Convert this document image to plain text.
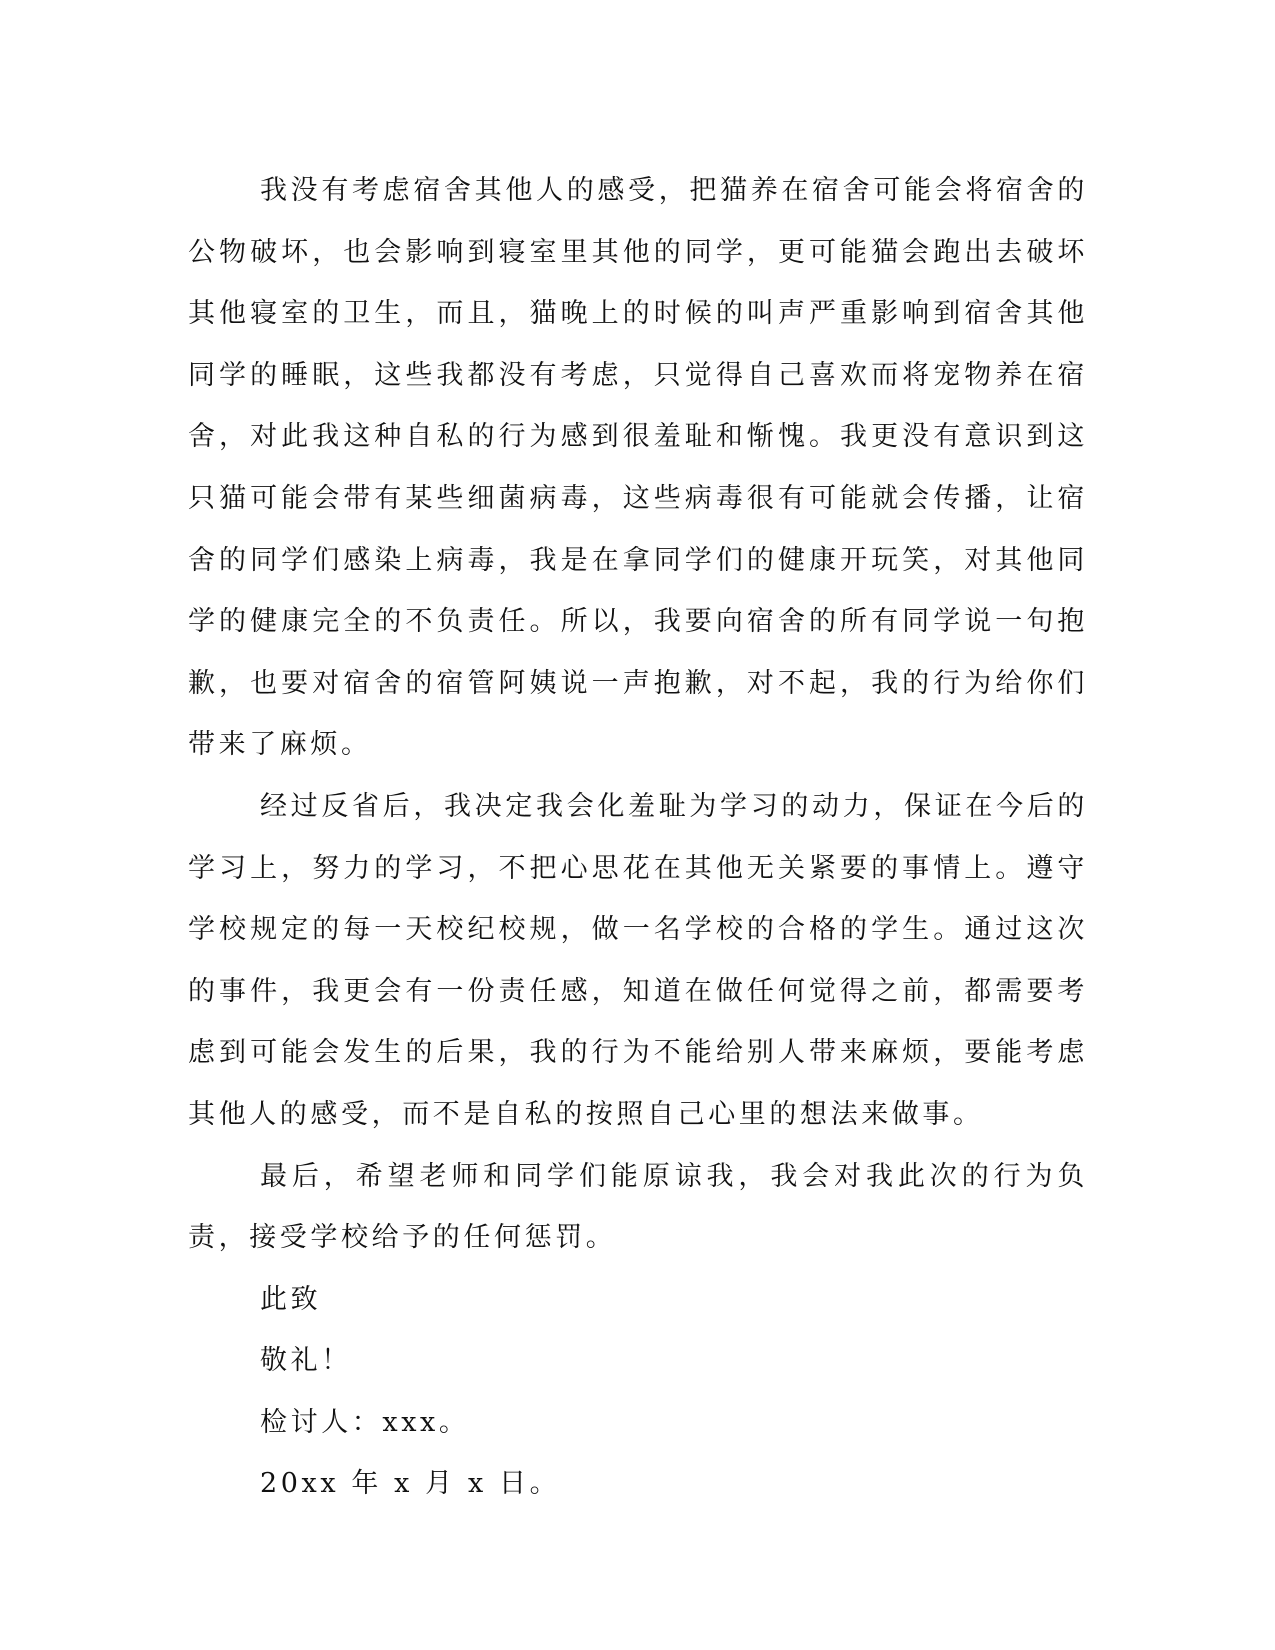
我没有考虑宿舍其他人的感受，把猫养在宿舍可能会将宿舍的公物破坏，也会影响到寝室里其他的同学，更可能猫会跑出去破坏其他寝室的卫生，而且，猫晚上的时候的叫声严重影响到宿舍其他同学的睡眠，这些我都没有考虑，只觉得自己喜欢而将宠物养在宿舍，对此我这种自私的行为感到很羞耻和惭愧。我更没有意识到这只猫可能会带有某些细菌病毒，这些病毒很有可能就会传播，让宿舍的同学们感染上病毒，我是在拿同学们的健康开玩笑，对其他同学的健康完全的不负责任。所以，我要向宿舍的所有同学说一句抱歉，也要对宿舍的宿管阿姨说一声抱歉，对不起，我的行为给你们带来了麻烦。

经过反省后，我决定我会化羞耻为学习的动力，保证在今后的学习上，努力的学习，不把心思花在其他无关紧要的事情上。遵守学校规定的每一天校纪校规，做一名学校的合格的学生。通过这次的事件，我更会有一份责任感，知道在做任何觉得之前，都需要考虑到可能会发生的后果，我的行为不能给别人带来麻烦，要能考虑其他人的感受，而不是自私的按照自己心里的想法来做事。

最后，希望老师和同学们能原谅我，我会对我此次的行为负责，接受学校给予的任何惩罚。

此致

敬礼！

检讨人：xxx。

20xx 年 x 月 x 日。
